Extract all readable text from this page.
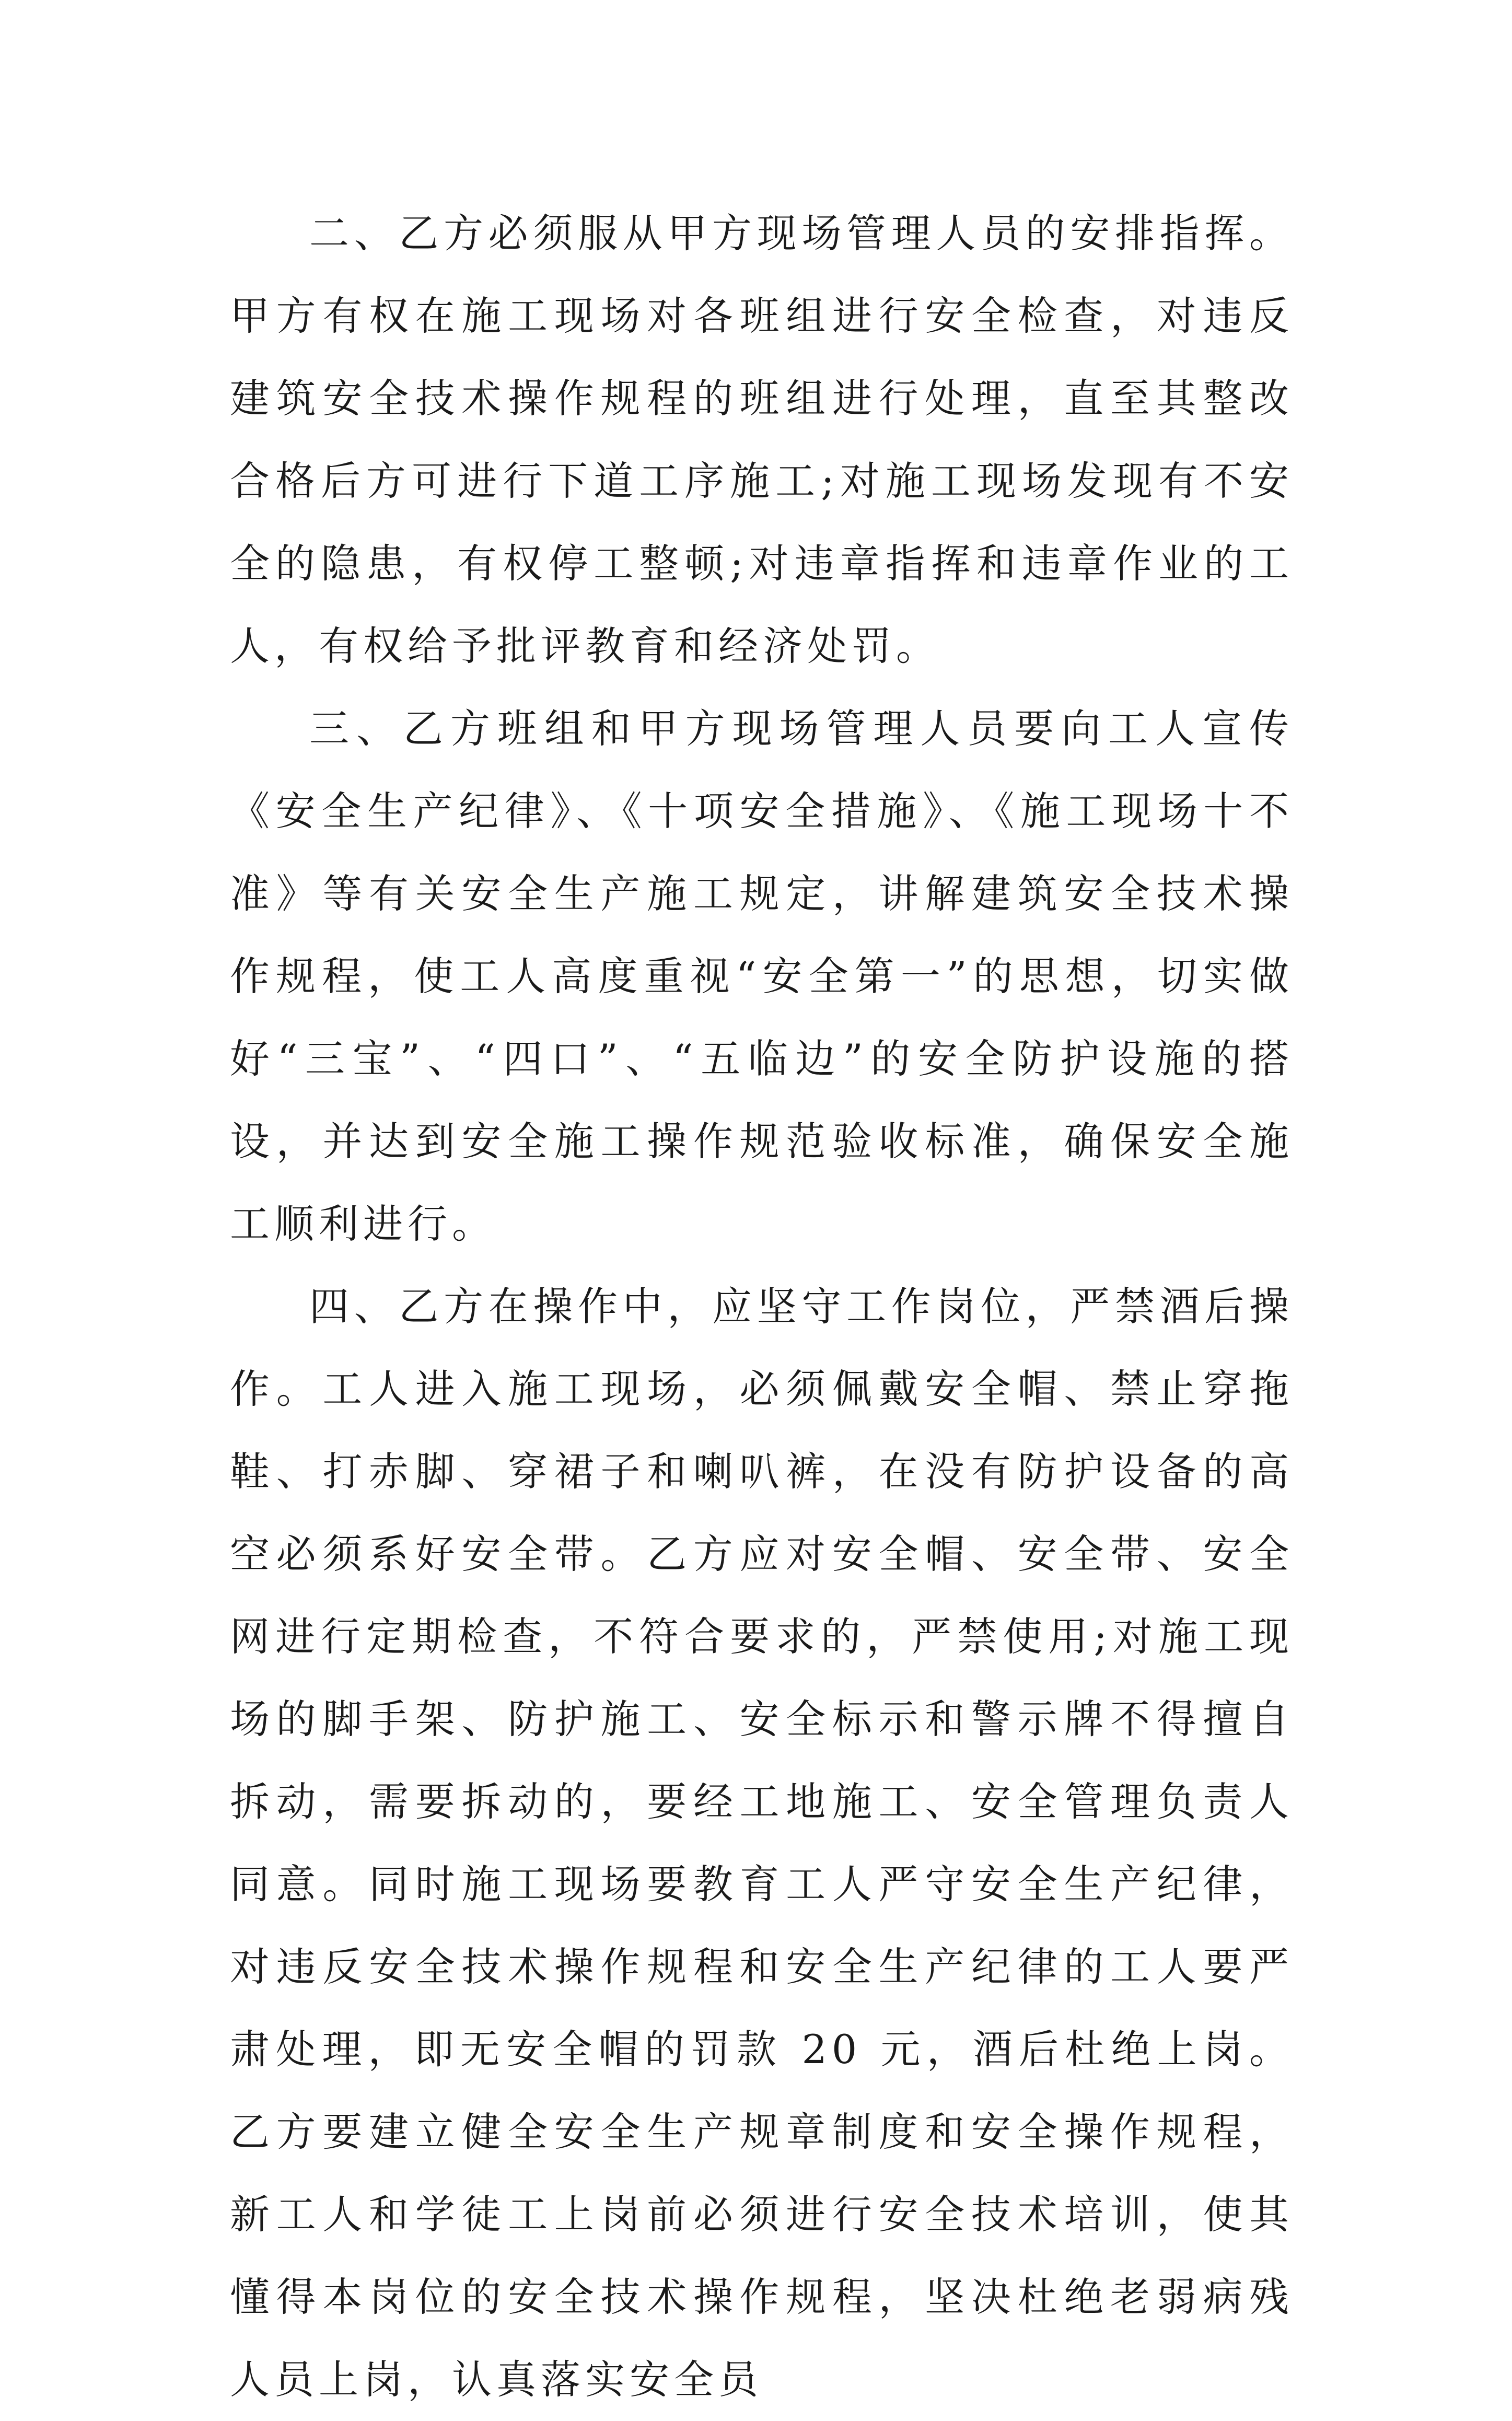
二、乙方必须服从甲方现场管理人员的安排指挥。甲方有权在施工现场对各班组进行安全检查，对违反建筑安全技术操作规程的班组进行处理，直至其整改合格后方可进行下道工序施工;对施工现场发现有不安全的隐患，有权停工整顿;对违章指挥和违章作业的工人，有权给予批评教育和经济处罚。

三、乙方班组和甲方现场管理人员要向工人宣传《安全生产纪律》、《十项安全措施》、《施工现场十不准》等有关安全生产施工规定，讲解建筑安全技术操作规程，使工人高度重视“安全第一”的思想，切实做好“三宝”、“四口”、“五临边”的安全防护设施的搭设，并达到安全施工操作规范验收标准，确保安全施工顺利进行。

四、乙方在操作中，应坚守工作岗位，严禁酒后操作。工人进入施工现场，必须佩戴安全帽、禁止穿拖鞋、打赤脚、穿裙子和喇叭裤，在没有防护设备的高空必须系好安全带。乙方应对安全帽、安全带、安全网进行定期检查，不符合要求的，严禁使用;对施工现场的脚手架、防护施工、安全标示和警示牌不得擅自拆动，需要拆动的，要经工地施工、安全管理负责人同意。同时施工现场要教育工人严守安全生产纪律，对违反安全技术操作规程和安全生产纪律的工人要严肃处理，即无安全帽的罚款 20 元，酒后杜绝上岗。乙方要建立健全安全生产规章制度和安全操作规程，新工人和学徒工上岗前必须进行安全技术培训，使其懂得本岗位的安全技术操作规程，坚决杜绝老弱病残人员上岗，认真落实安全员
